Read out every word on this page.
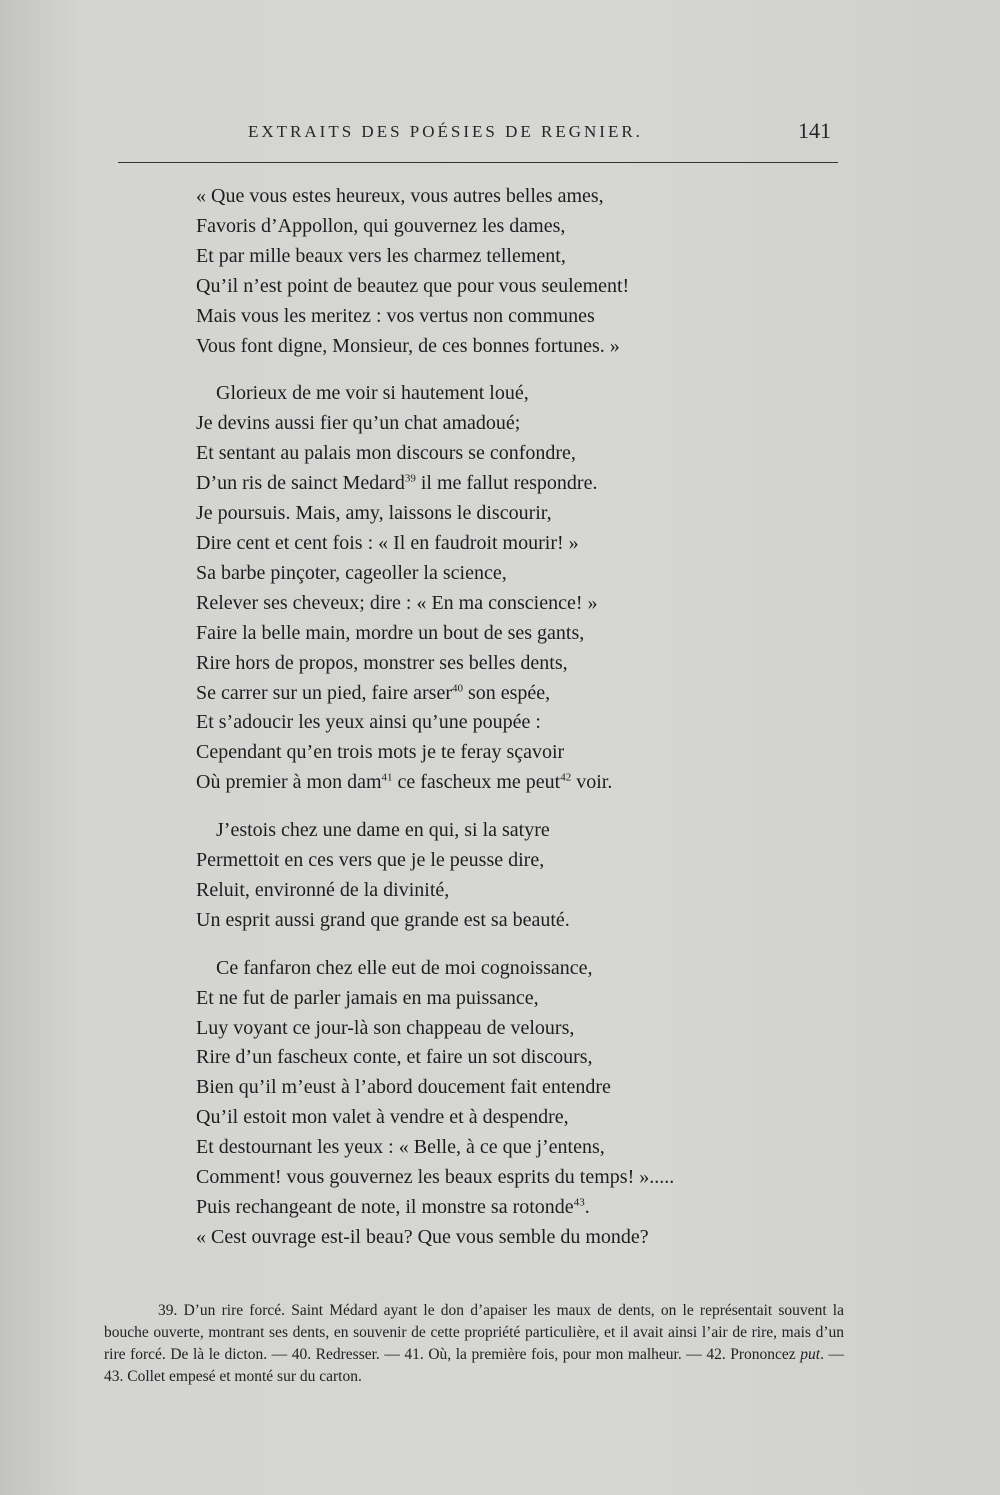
EXTRAITS DES POÉSIES DE REGNIER.	141
« Que vous estes heureux, vous autres belles ames,
Favoris d’Appollon, qui gouvernez les dames,
Et par mille beaux vers les charmez tellement,
Qu’il n’est point de beautez que pour vous seulement!
Mais vous les meritez : vos vertus non communes
Vous font digne, Monsieur, de ces bonnes fortunes. »
Glorieux de me voir si hautement loué,
Je devins aussi fier qu’un chat amadoué;
Et sentant au palais mon discours se confondre,
D’un ris de sainct Medard$^{39}$ il me fallut respondre.
Je poursuis. Mais, amy, laissons le discourir,
Dire cent et cent fois : « Il en faudroit mourir! »
Sa barbe pinçoter, cageoller la science,
Relever ses cheveux; dire : « En ma conscience! »
Faire la belle main, mordre un bout de ses gants,
Rire hors de propos, monstrer ses belles dents,
Se carrer sur un pied, faire arser$^{40}$ son espée,
Et s’adoucir les yeux ainsi qu’une poupée :
Cependant qu’en trois mots je te feray sçavoir
Où premier à mon dam$^{41}$ ce fascheux me peut$^{42}$ voir.
J’estois chez une dame en qui, si la satyre
Permettoit en ces vers que je le peusse dire,
Reluit, environné de la divinité,
Un esprit aussi grand que grande est sa beauté.
Ce fanfaron chez elle eut de moi cognoissance,
Et ne fut de parler jamais en ma puissance,
Luy voyant ce jour-là son chappeau de velours,
Rire d’un fascheux conte, et faire un sot discours,
Bien qu’il m’eust à l’abord doucement fait entendre
Qu’il estoit mon valet à vendre et à despendre,
Et destournant les yeux : « Belle, à ce que j’entens,
Comment! vous gouvernez les beaux esprits du temps! ».....
Puis rechangeant de note, il monstre sa rotonde$^{43}$.
« Cest ouvrage est-il beau? Que vous semble du monde?

39. D’un rire forcé. Saint Médard ayant le don d’apaiser les maux de dents, on le représentait souvent la bouche ouverte, montrant ses dents, en souvenir de cette propriété particulière, et il avait ainsi l’air de rire, mais d’un rire forcé. De là le dicton. — 40. Redresser. — 41. Où, la première fois, pour mon malheur. — 42. Prononcez put. — 43. Collet empesé et monté sur du carton.
